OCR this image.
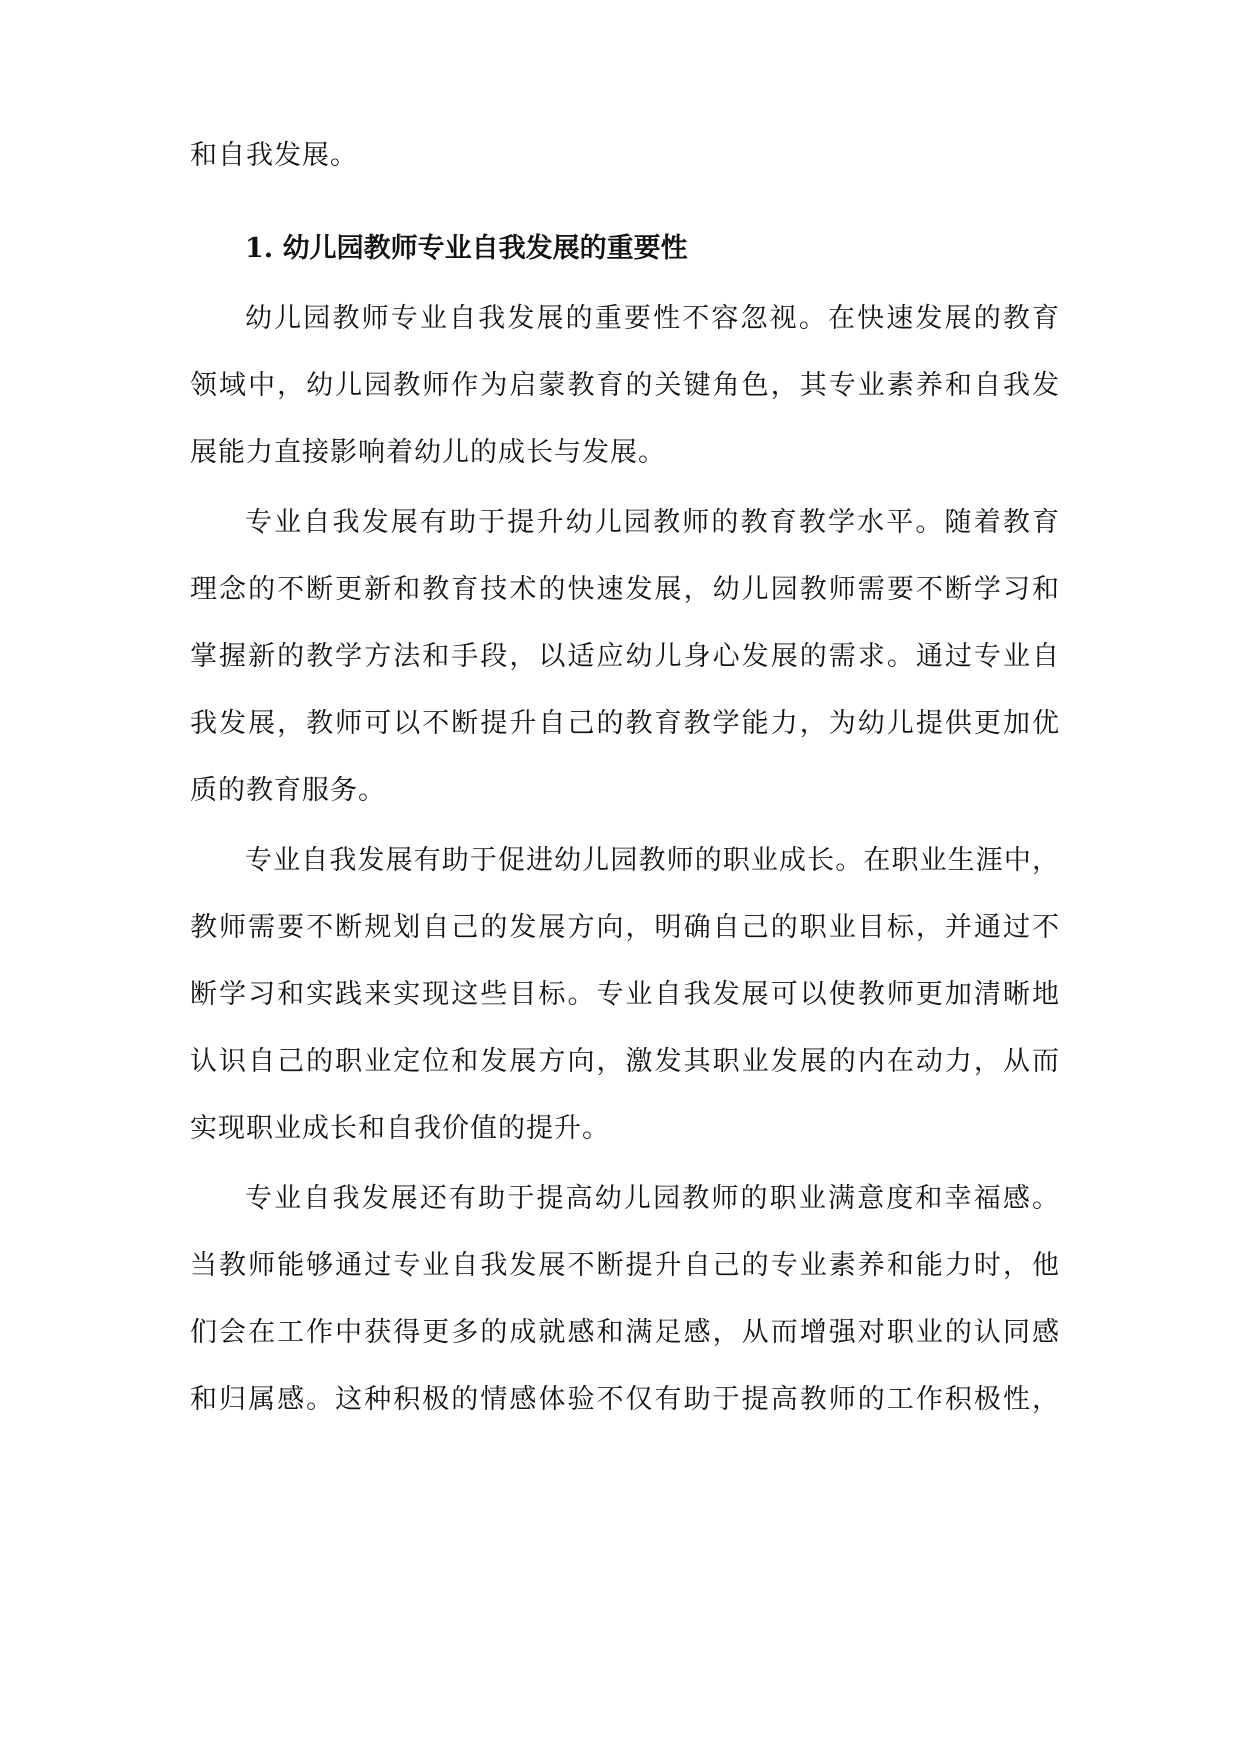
和自我发展。
1. 幼儿园教师专业自我发展的重要性
幼儿园教师专业自我发展的重要性不容忽视。在快速发展的教育
领域中，幼儿园教师作为启蒙教育的关键角色，其专业素养和自我发
展能力直接影响着幼儿的成长与发展。
专业自我发展有助于提升幼儿园教师的教育教学水平。随着教育
理念的不断更新和教育技术的快速发展，幼儿园教师需要不断学习和
掌握新的教学方法和手段，以适应幼儿身心发展的需求。通过专业自
我发展，教师可以不断提升自己的教育教学能力，为幼儿提供更加优
质的教育服务。
专业自我发展有助于促进幼儿园教师的职业成长。在职业生涯中，
教师需要不断规划自己的发展方向，明确自己的职业目标，并通过不
断学习和实践来实现这些目标。专业自我发展可以使教师更加清晰地
认识自己的职业定位和发展方向，激发其职业发展的内在动力，从而
实现职业成长和自我价值的提升。
专业自我发展还有助于提高幼儿园教师的职业满意度和幸福感。
当教师能够通过专业自我发展不断提升自己的专业素养和能力时，他
们会在工作中获得更多的成就感和满足感，从而增强对职业的认同感
和归属感。这种积极的情感体验不仅有助于提高教师的工作积极性，
